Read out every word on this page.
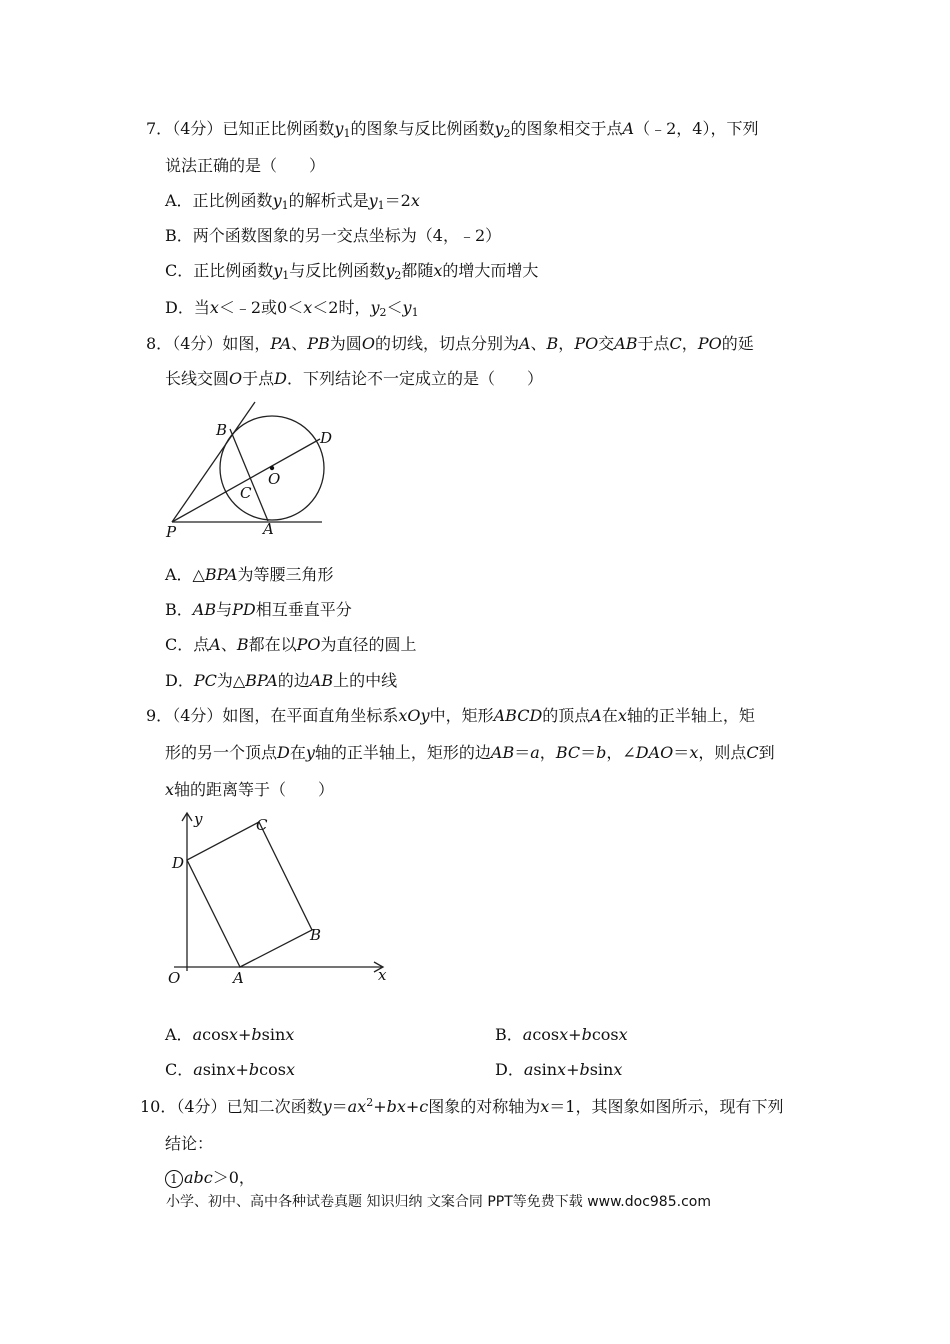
7．（4分）已知正比例函数$y_1$的图象与反比例函数$y_2$的图象相交于点A（﹣2，4），下列
说法正确的是（　　）
A．正比例函数$y_1$的解析式是$y_1=2x$
B．两个函数图象的另一交点坐标为（4，﹣2）
C．正比例函数$y_1$与反比例函数$y_2$都随x的增大而增大
D．当x＜﹣2或0＜x＜2时，$y_2<y_1$
8．（4分）如图，PA、PB为圆O的切线，切点分别为A、B，PO交AB于点C，PO的延
长线交圆O于点D．下列结论不一定成立的是（　　）
B	D
O
C
P	A
A．△BPA为等腰三角形
B．AB与PD相互垂直平分
C．点A、B都在以PO为直径的圆上
D．PC为△BPA的边AB上的中线
9．（4分）如图，在平面直角坐标系xOy中，矩形ABCD的顶点A在x轴的正半轴上，矩
形的另一个顶点D在y轴的正半轴上，矩形的边AB＝a，BC＝b，∠DAO＝x，则点C到
x轴的距离等于（　　）
y	C
D
B
O	A	x
A．acosx+bsinx	B．acosx+bcosx
C．asinx+bcosx	D．asinx+bsinx
10．（4分）已知二次函数$y=ax^2+bx+c$图象的对称轴为x＝1，其图象如图所示，现有下列
结论：
1 abc＞0，
小学、初中、高中各种试卷真题 知识归纳 文案合同 PPT等免费下载 www.doc985.com
